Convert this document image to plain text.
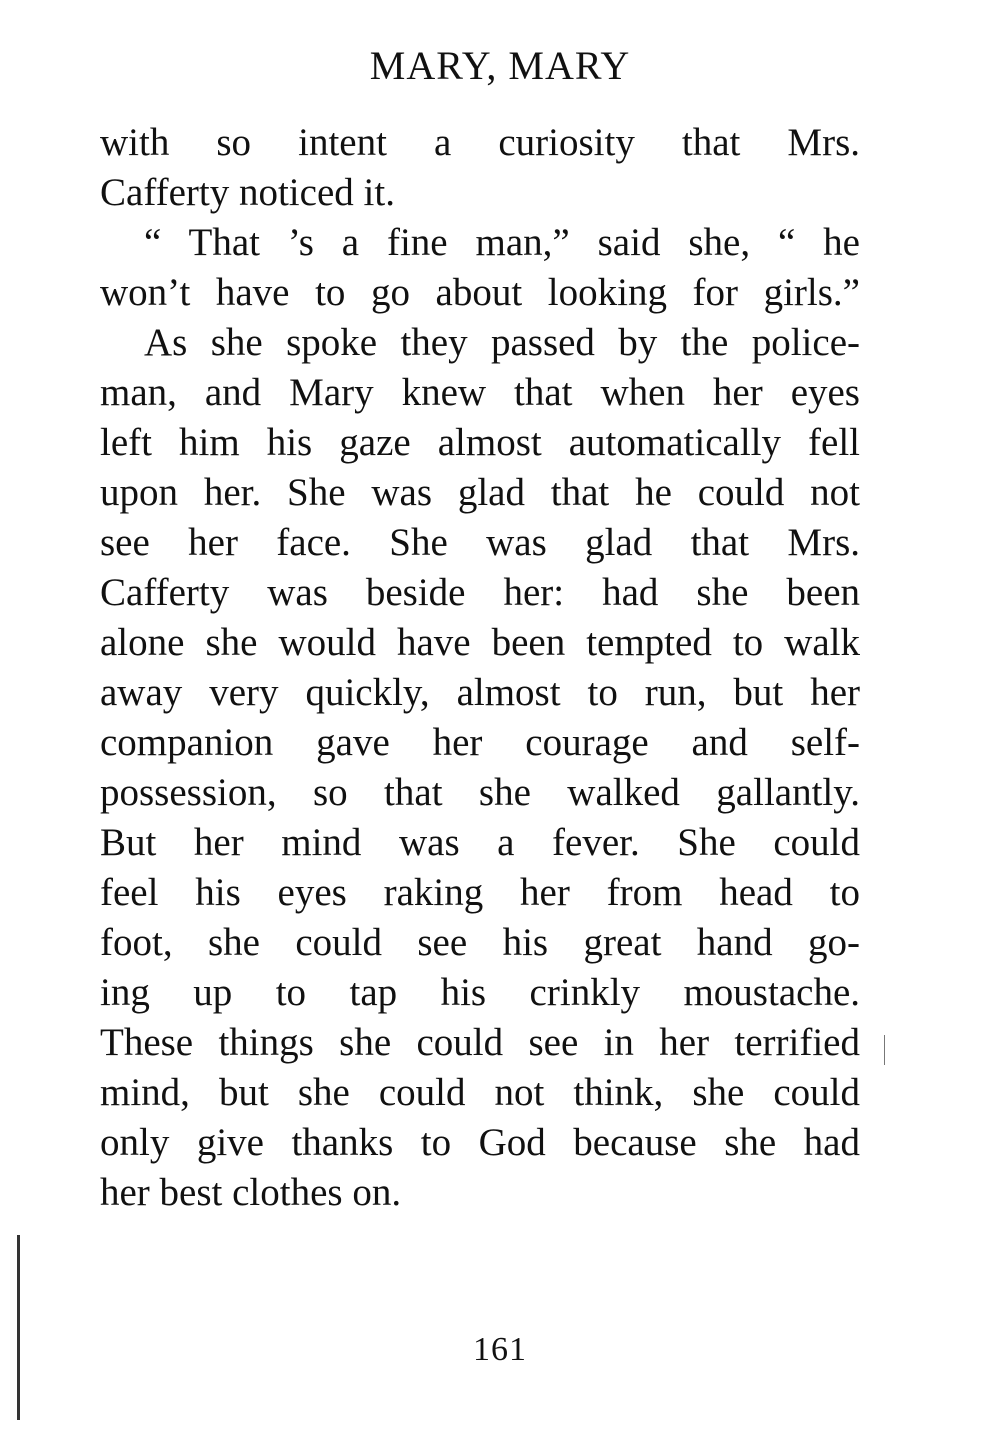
MARY, MARY
with so intent a curiosity that Mrs.
Cafferty noticed it.
“ That ’s a fine man,” said she, “ he
won’t have to go about looking for girls.”
As she spoke they passed by the police-
man, and Mary knew that when her eyes
left him his gaze almost automatically fell
upon her. She was glad that he could not
see her face. She was glad that Mrs.
Cafferty was beside her: had she been
alone she would have been tempted to walk
away very quickly, almost to run, but her
companion gave her courage and self-
possession, so that she walked gallantly.
But her mind was a fever. She could
feel his eyes raking her from head to
foot, she could see his great hand go-
ing up to tap his crinkly moustache.
These things she could see in her terrified
mind, but she could not think, she could
only give thanks to God because she had
her best clothes on.
161
